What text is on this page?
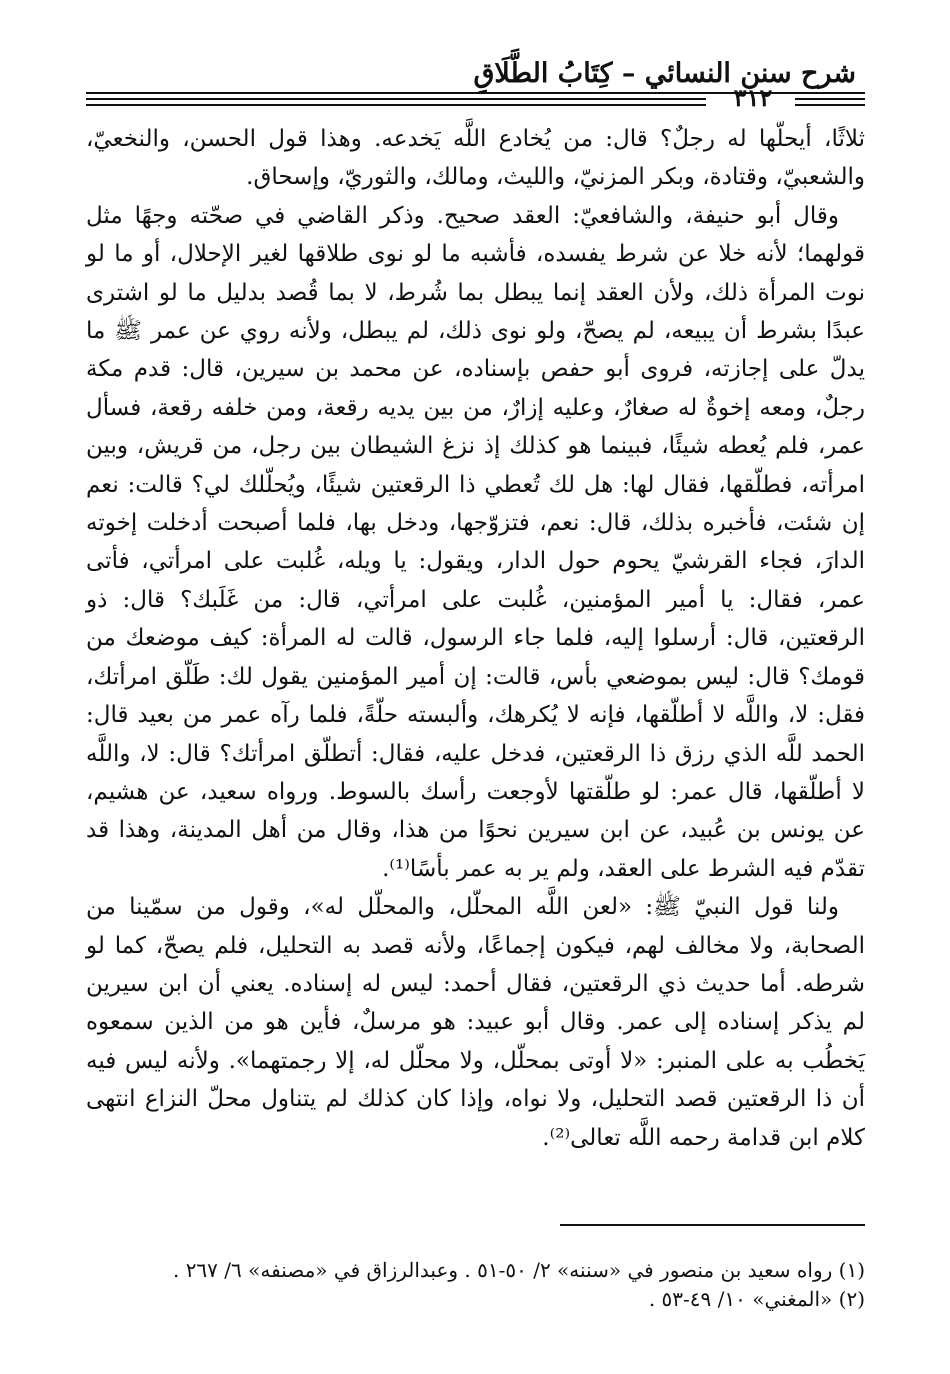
شرح سنن النسائي – كِتَابُ الطَّلَاقِ
٣١٢

ثلاثًا، أيحلّها له رجلٌ؟ قال: من يُخادع اللَّه يَخدعه. وهذا قول الحسن، والنخعيّ، والشعبيّ، وقتادة، وبكر المزنيّ، والليث، ومالك، والثوريّ، وإسحاق.

وقال أبو حنيفة، والشافعيّ: العقد صحيح. وذكر القاضي في صحّته وجهًا مثل قولهما؛ لأنه خلا عن شرط يفسده، فأشبه ما لو نوى طلاقها لغير الإحلال، أو ما لو نوت المرأة ذلك، ولأن العقد إنما يبطل بما شُرط، لا بما قُصد بدليل ما لو اشترى عبدًا بشرط أن يبيعه، لم يصحّ، ولو نوى ذلك، لم يبطل، ولأنه روي عن عمر ﷺ ما يدلّ على إجازته، فروى أبو حفص بإسناده، عن محمد بن سيرين، قال: قدم مكة رجلٌ، ومعه إخوةٌ له صغارٌ، وعليه إزارٌ، من بين يديه رقعة، ومن خلفه رقعة، فسأل عمر، فلم يُعطه شيئًا، فبينما هو كذلك إذ نزغ الشيطان بين رجل، من قريش، وبين امرأته، فطلّقها، فقال لها: هل لك تُعطي ذا الرقعتين شيئًا، ويُحلّلك لي؟ قالت: نعم إن شئت، فأخبره بذلك، قال: نعم، فتزوّجها، ودخل بها، فلما أصبحت أدخلت إخوته الدارَ، فجاء القرشيّ يحوم حول الدار، ويقول: يا ويله، غُلبت على امرأتي، فأتى عمر، فقال: يا أمير المؤمنين، غُلبت على امرأتي، قال: من غَلَبك؟ قال: ذو الرقعتين، قال: أرسلوا إليه، فلما جاء الرسول، قالت له المرأة: كيف موضعك من قومك؟ قال: ليس بموضعي بأس، قالت: إن أمير المؤمنين يقول لك: طَلّق امرأتك، فقل: لا، واللَّه لا أطلّقها، فإنه لا يُكرهك، وألبسته حلّةً، فلما رآه عمر من بعيد قال: الحمد للَّه الذي رزق ذا الرقعتين، فدخل عليه، فقال: أتطلّق امرأتك؟ قال: لا، واللَّه لا أطلّقها، قال عمر: لو طلّقتها لأوجعت رأسك بالسوط. ورواه سعيد، عن هشيم، عن يونس بن عُبيد، عن ابن سيرين نحوًا من هذا، وقال من أهل المدينة، وهذا قد تقدّم فيه الشرط على العقد، ولم ير به عمر بأسًا⁽¹⁾.

ولنا قول النبيّ ﷺ: «لعن اللَّه المحلّل، والمحلّل له»، وقول من سمّينا من الصحابة، ولا مخالف لهم، فيكون إجماعًا، ولأنه قصد به التحليل، فلم يصحّ، كما لو شرطه. أما حديث ذي الرقعتين، فقال أحمد: ليس له إسناده. يعني أن ابن سيرين لم يذكر إسناده إلى عمر. وقال أبو عبيد: هو مرسلٌ، فأين هو من الذين سمعوه يَخطُب به على المنبر: «لا أوتى بمحلّل، ولا محلّل له، إلا رجمتهما». ولأنه ليس فيه أن ذا الرقعتين قصد التحليل، ولا نواه، وإذا كان كذلك لم يتناول محلّ النزاع انتهى كلام ابن قدامة رحمه اللَّه تعالى⁽²⁾.

(١) رواه سعيد بن منصور في «سننه» ٢/ ٥٠-٥١ . وعبدالرزاق في «مصنفه» ٦/ ٢٦٧ .

(٢) «المغني» ١٠/ ٤٩-٥٣ .
